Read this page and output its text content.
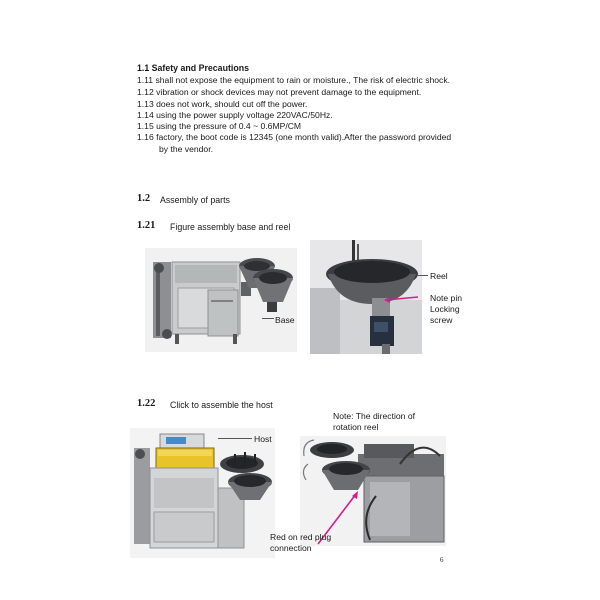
1.1 Safety and Precautions
1.11 shall not expose the equipment to rain or moisture., The risk of electric shock.
1.12 vibration or shock devices may not prevent damage to the equipment.
1.13 does not work, should cut off the power.
1.14 using the power supply voltage 220VAC/50Hz.
1.15 using the pressure of 0.4 ~ 0.6MP/CM
1.16 factory, the boot code is 12345 (one month valid).After the password provided
by the vendor.
1.2 Assembly of parts
1.21 Figure assembly base and reel
Base
Reel
Note pin
Locking
screw
1.22 Click to assemble the host
Host
Note: The direction of
rotation reel
Red on red plug
connection
6
